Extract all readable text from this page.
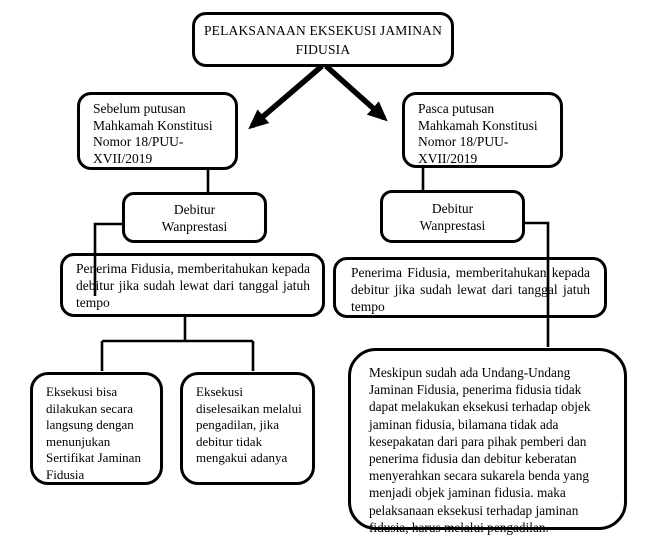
PELAKSANAAN EKSEKUSI JAMINAN FIDUSIA
Sebelum putusan Mahkamah Konstitusi Nomor 18/PUU-XVII/2019
Pasca putusan Mahkamah Konstitusi Nomor 18/PUU-XVII/2019
Debitur Wanprestasi
Debitur Wanprestasi
Penerima Fidusia, memberitahukan kepada debitur jika sudah lewat dari tanggal jatuh tempo
Penerima Fidusia, memberitahukan kepada debitur jika sudah lewat dari tanggal jatuh tempo
Eksekusi bisa dilakukan secara langsung dengan menunjukan Sertifikat Jaminan Fidusia
Eksekusi diselesaikan melalui pengadilan, jika debitur tidak mengakui adanya
Meskipun sudah ada Undang-Undang Jaminan Fidusia, penerima fidusia tidak dapat melakukan eksekusi terhadap objek jaminan fidusia, bilamana tidak ada kesepakatan dari para pihak pemberi dan penerima fidusia dan debitur keberatan menyerahkan secara sukarela benda yang menjadi objek jaminan fidusia. maka pelaksanaan eksekusi terhadap jaminan fidusia, harus melalui pengadilan.
